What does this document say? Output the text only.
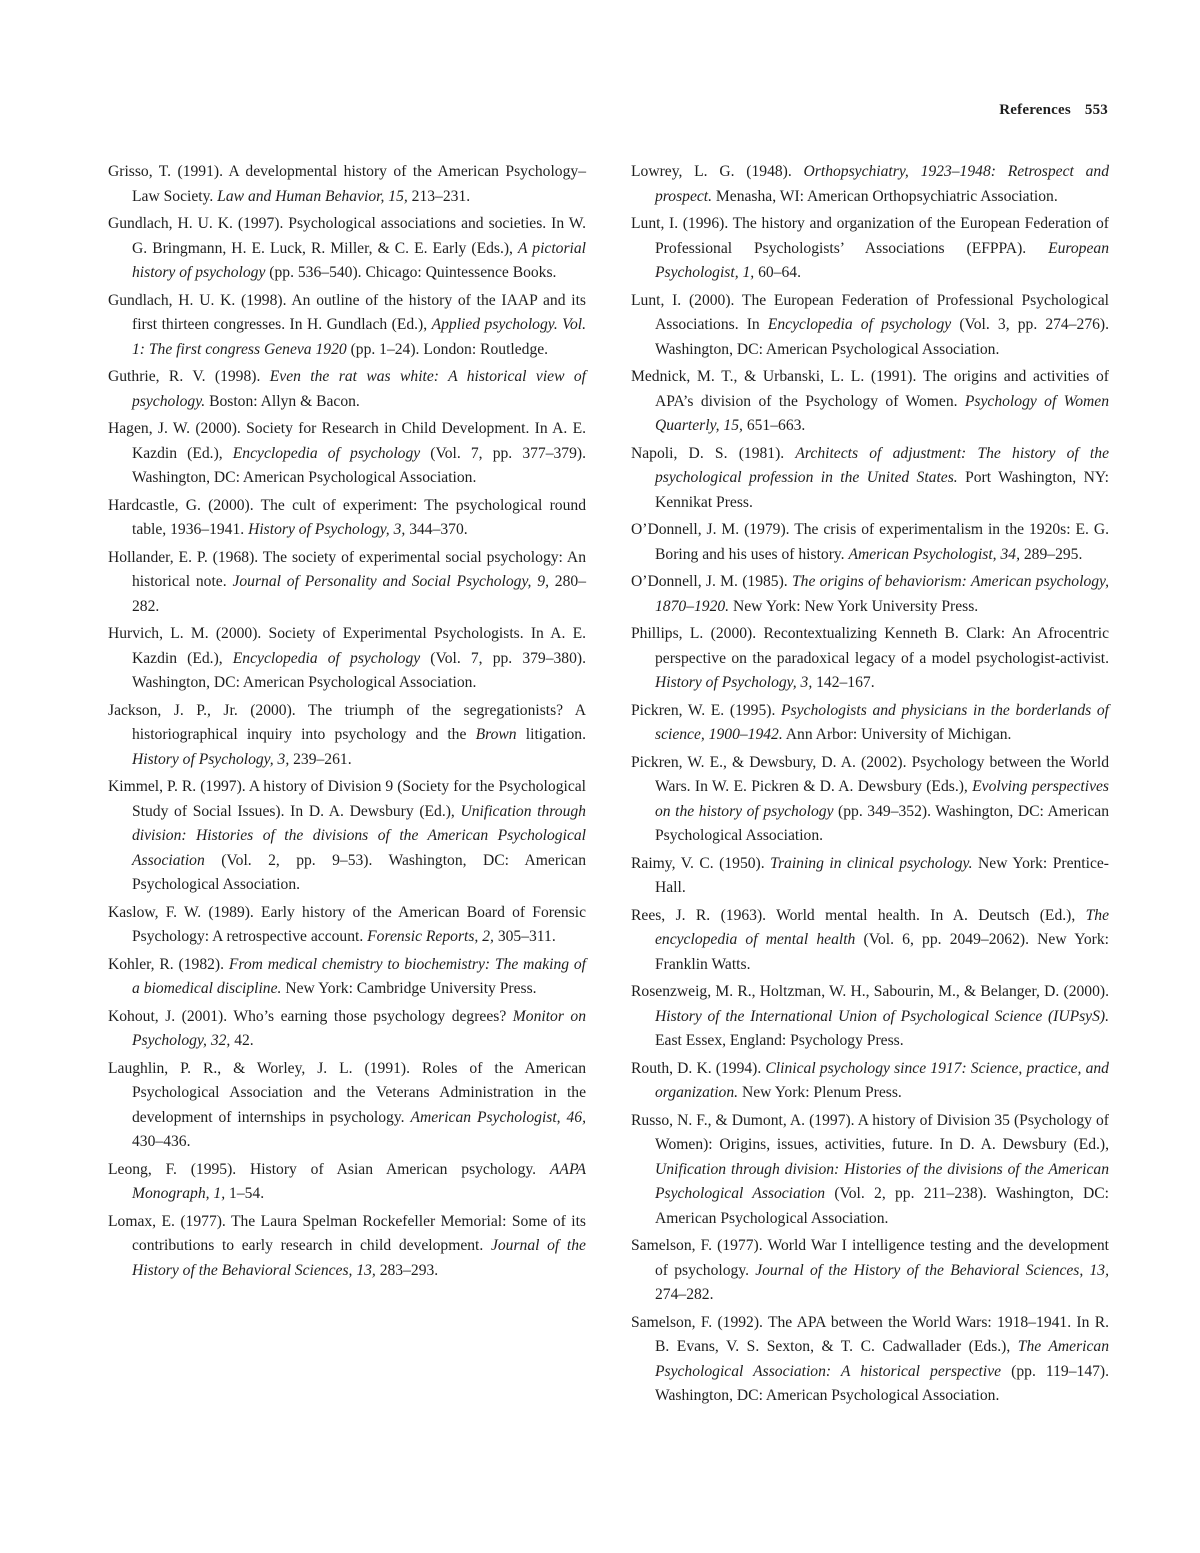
References 553

Grisso, T. (1991). A developmental history of the American Psychology–Law Society. Law and Human Behavior, 15, 213–231.

Gundlach, H. U. K. (1997). Psychological associations and societies. In W. G. Bringmann, H. E. Luck, R. Miller, & C. E. Early (Eds.), A pictorial history of psychology (pp. 536–540). Chicago: Quintessence Books.

Gundlach, H. U. K. (1998). An outline of the history of the IAAP and its first thirteen congresses. In H. Gundlach (Ed.), Applied psychology. Vol. 1: The first congress Geneva 1920 (pp. 1–24). London: Routledge.

Guthrie, R. V. (1998). Even the rat was white: A historical view of psychology. Boston: Allyn & Bacon.

Hagen, J. W. (2000). Society for Research in Child Development. In A. E. Kazdin (Ed.), Encyclopedia of psychology (Vol. 7, pp. 377–379). Washington, DC: American Psychological Association.

Hardcastle, G. (2000). The cult of experiment: The psychological round table, 1936–1941. History of Psychology, 3, 344–370.

Hollander, E. P. (1968). The society of experimental social psychology: An historical note. Journal of Personality and Social Psychology, 9, 280–282.

Hurvich, L. M. (2000). Society of Experimental Psychologists. In A. E. Kazdin (Ed.), Encyclopedia of psychology (Vol. 7, pp. 379–380). Washington, DC: American Psychological Association.

Jackson, J. P., Jr. (2000). The triumph of the segregationists? A historiographical inquiry into psychology and the Brown litigation. History of Psychology, 3, 239–261.

Kimmel, P. R. (1997). A history of Division 9 (Society for the Psychological Study of Social Issues). In D. A. Dewsbury (Ed.), Unification through division: Histories of the divisions of the American Psychological Association (Vol. 2, pp. 9–53). Washington, DC: American Psychological Association.

Kaslow, F. W. (1989). Early history of the American Board of Forensic Psychology: A retrospective account. Forensic Reports, 2, 305–311.

Kohler, R. (1982). From medical chemistry to biochemistry: The making of a biomedical discipline. New York: Cambridge University Press.

Kohout, J. (2001). Who’s earning those psychology degrees? Monitor on Psychology, 32, 42.

Laughlin, P. R., & Worley, J. L. (1991). Roles of the American Psychological Association and the Veterans Administration in the development of internships in psychology. American Psychologist, 46, 430–436.

Leong, F. (1995). History of Asian American psychology. AAPA Monograph, 1, 1–54.

Lomax, E. (1977). The Laura Spelman Rockefeller Memorial: Some of its contributions to early research in child development. Journal of the History of the Behavioral Sciences, 13, 283–293.

Lowrey, L. G. (1948). Orthopsychiatry, 1923–1948: Retrospect and prospect. Menasha, WI: American Orthopsychiatric Association.

Lunt, I. (1996). The history and organization of the European Federation of Professional Psychologists’ Associations (EFPPA). European Psychologist, 1, 60–64.

Lunt, I. (2000). The European Federation of Professional Psychological Associations. In Encyclopedia of psychology (Vol. 3, pp. 274–276). Washington, DC: American Psychological Association.

Mednick, M. T., & Urbanski, L. L. (1991). The origins and activities of APA’s division of the Psychology of Women. Psychology of Women Quarterly, 15, 651–663.

Napoli, D. S. (1981). Architects of adjustment: The history of the psychological profession in the United States. Port Washington, NY: Kennikat Press.

O’Donnell, J. M. (1979). The crisis of experimentalism in the 1920s: E. G. Boring and his uses of history. American Psychologist, 34, 289–295.

O’Donnell, J. M. (1985). The origins of behaviorism: American psychology, 1870–1920. New York: New York University Press.

Phillips, L. (2000). Recontextualizing Kenneth B. Clark: An Afrocentric perspective on the paradoxical legacy of a model psychologist-activist. History of Psychology, 3, 142–167.

Pickren, W. E. (1995). Psychologists and physicians in the borderlands of science, 1900–1942. Ann Arbor: University of Michigan.

Pickren, W. E., & Dewsbury, D. A. (2002). Psychology between the World Wars. In W. E. Pickren & D. A. Dewsbury (Eds.), Evolving perspectives on the history of psychology (pp. 349–352). Washington, DC: American Psychological Association.

Raimy, V. C. (1950). Training in clinical psychology. New York: Prentice-Hall.

Rees, J. R. (1963). World mental health. In A. Deutsch (Ed.), The encyclopedia of mental health (Vol. 6, pp. 2049–2062). New York: Franklin Watts.

Rosenzweig, M. R., Holtzman, W. H., Sabourin, M., & Belanger, D. (2000). History of the International Union of Psychological Science (IUPsyS). East Essex, England: Psychology Press.

Routh, D. K. (1994). Clinical psychology since 1917: Science, practice, and organization. New York: Plenum Press.

Russo, N. F., & Dumont, A. (1997). A history of Division 35 (Psychology of Women): Origins, issues, activities, future. In D. A. Dewsbury (Ed.), Unification through division: Histories of the divisions of the American Psychological Association (Vol. 2, pp. 211–238). Washington, DC: American Psychological Association.

Samelson, F. (1977). World War I intelligence testing and the development of psychology. Journal of the History of the Behavioral Sciences, 13, 274–282.

Samelson, F. (1992). The APA between the World Wars: 1918–1941. In R. B. Evans, V. S. Sexton, & T. C. Cadwallader (Eds.), The American Psychological Association: A historical perspective (pp. 119–147). Washington, DC: American Psychological Association.
